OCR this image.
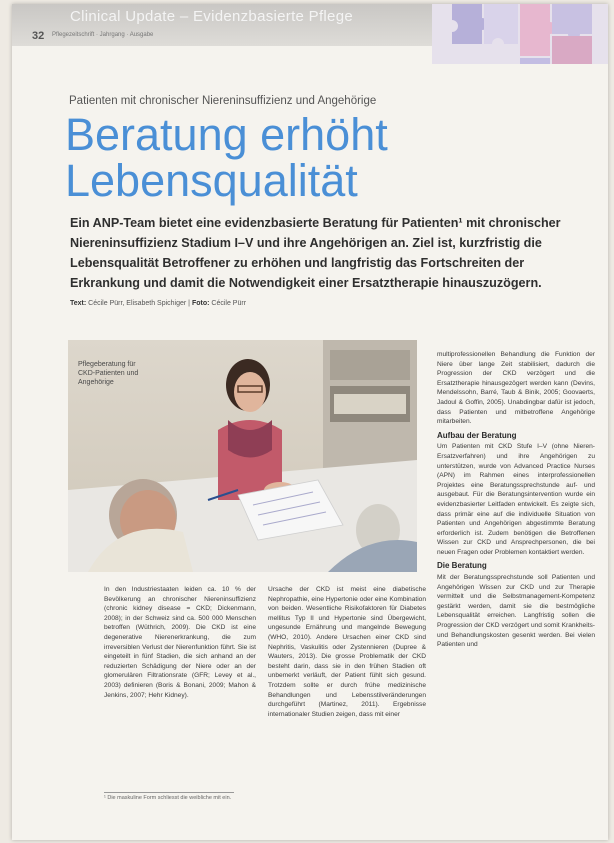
Clinical Update – Evidenzbasierte Pflege
32 Pflegezeitschrift · Jahrgang · Ausgabe
Patienten mit chronischer Niereninsuffizienz und Angehörige
Beratung erhöht Lebensqualität
Ein ANP-Team bietet eine evidenzbasierte Beratung für Patienten¹ mit chronischer Niereninsuffizienz Stadium I–V und ihre Angehörigen an. Ziel ist, kurzfristig die Lebensqualität Betroffener zu erhöhen und langfristig das Fortschreiten der Erkrankung und damit die Notwendigkeit einer Ersatztherapie hinauszuzögern.
Text: Cécile Pürr, Elisabeth Spichiger | Foto: Cécile Pürr
Pflegeberatung für CKD-Patienten und Angehörige

In den Industriestaaten leiden ca. 10 % der Bevölkerung an chronischer Niereninsuffizienz (chronic kidney disease = CKD; Dickenmann, 2008); in der Schweiz sind ca. 500 000 Menschen betroffen (Wüthrich, 2009). Die CKD ist eine degenerative Nierenerkrankung, die zum irreversiblen Verlust der Nierenfunktion führt. Sie ist eingeteilt in fünf Stadien, die sich anhand an der reduzierten Schädigung der Niere oder an der glomerulären Filtrationsrate (GFR; Levey et al., 2003) definieren (Boris & Bonani, 2009; Mahon & Jenkins, 2007; Hehr Kidney).

Ursache der CKD ist meist eine diabetische Nephropathie, eine Hypertonie oder eine Kombination von beiden. Wesentliche Risikofaktoren für Diabetes mellitus Typ II und Hypertonie sind Übergewicht, ungesunde Ernährung und mangelnde Bewegung (WHO, 2010). Andere Ursachen einer CKD sind Nephritis, Vaskulitis oder Zystennieren (Dupree & Wauters, 2013). Die grosse Problematik der CKD besteht darin, dass sie in den frühen Stadien oft unbemerkt verläuft, der Patient fühlt sich gesund. Trotzdem sollte er durch frühe medizinische Behandlungen und Lebensstilveränderungen durchgeführt (Martinez, 2011). Ergebnisse internationaler Studien zeigen, dass mit einer

multiprofessionellen Behandlung die Funktion der Niere über lange Zeit stabilisiert, dadurch die Progression der CKD verzögert und die Ersatztherapie hinausgezögert werden kann (Devins, Mendelssohn, Barré, Taub & Binik, 2005; Goovaerts, Jadoul & Goffin, 2005). Unabdingbar dafür ist jedoch, dass Patienten und mitbetroffene Angehörige mitarbeiten.

Aufbau der Beratung

Um Patienten mit CKD Stufe I–V (ohne Nieren-Ersatzverfahren) und ihre Angehörigen zu unterstützen, wurde von Advanced Practice Nurses (APN) im Rahmen eines interprofessionellen Projektes eine Beratungssprechstunde auf- und ausgebaut. Für die Beratungsintervention wurde ein evidenzbasierter Leitfaden entwickelt. Es zeigte sich, dass primär eine auf die individuelle Situation von Patienten und Angehörigen abgestimmte Beratung erforderlich ist. Zudem benötigen die Betroffenen Wissen zur CKD und Ansprechpersonen, die bei neuen Fragen oder Problemen kontaktiert werden.

Die Beratung

Mit der Beratungssprechstunde soll Patienten und Angehörigen Wissen zur CKD und zur Therapie vermittelt und die Selbstmanagement-Kompetenz gestärkt werden, damit sie die bestmögliche Lebensqualität erreichen. Langfristig sollen die Progression der CKD verzögert und somit Krankheits- und Behandlungskosten gesenkt werden. Bei vielen Patienten und

¹ Die maskuline Form schliesst die weibliche mit ein.
